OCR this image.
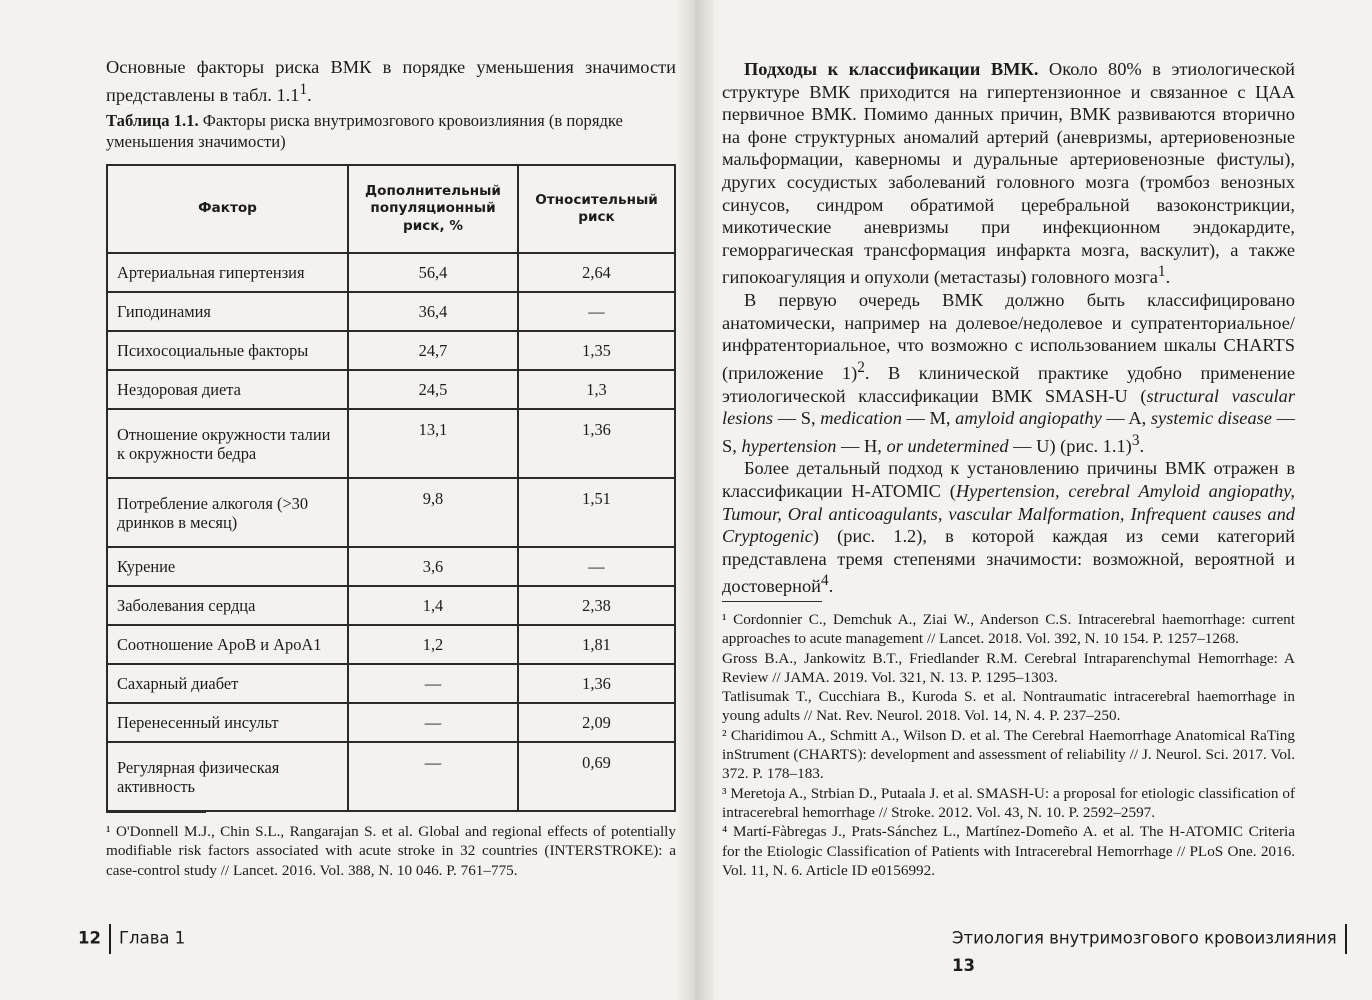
Основные факторы риска ВМК в порядке уменьшения значимости представлены в табл. $1.1^1$.

Таблица 1.1. Факторы риска внутримозгового кровоизлияния (в порядке уменьшения значимости)

Фактор	Дополнительный популяционный риск, %	Относительный риск
Артериальная гипертензия	56,4	2,64
Гиподинамия	36,4	—
Психосоциальные факторы	24,7	1,35
Нездоровая диета	24,5	1,3
Отношение окружности талии к окружности бедра	13,1	1,36
Потребление алкоголя (>30 дринков в месяц)	9,8	1,51
Курение	3,6	—
Заболевания сердца	1,4	2,38
Соотношение ApoB и ApoA1	1,2	1,81
Сахарный диабет	—	1,36
Перенесенный инсульт	—	2,09
Регулярная физическая активность	—	0,69

¹ O'Donnell M.J., Chin S.L., Rangarajan S. et al. Global and regional effects of potentially modifiable risk factors associated with acute stroke in 32 countries (INTERSTROKE): a case-control study // Lancet. 2016. Vol. 388, N. 10 046. P. 761–775.

12 Глава 1

Подходы к классификации ВМК. Около 80% в этиологической структуре ВМК приходится на гипертензионное и связанное с ЦАА первичное ВМК. Помимо данных причин, ВМК развиваются вторично на фоне структурных аномалий артерий (аневризмы, артериовенозные мальформации, каверномы и дуральные артериовенозные фистулы), других сосудистых заболеваний головного мозга (тромбоз венозных синусов, синдром обратимой церебральной вазоконстрикции, микотические аневризмы при инфекционном эндокардите, геморрагическая трансформация инфаркта мозга, васкулит), а также гипокоагуляция и опухоли (метастазы) головного мозга$^1$.

В первую очередь ВМК должно быть классифицировано анатомически, например на долевое/недолевое и супратенториальное/инфратенториальное, что возможно с использованием шкалы CHARTS (приложение 1)$^2$. В клинической практике удобно применение этиологической классификации ВМК SMASH-U (structural vascular lesions — S, medication — M, amyloid angiopathy — A, systemic disease — S, hypertension — H, or undetermined — U) (рис. 1.1)$^3$.

Более детальный подход к установлению причины ВМК отражен в классификации H-ATOMIC (Hypertension, cerebral Amyloid angiopathy, Tumour, Oral anticoagulants, vascular Malformation, Infrequent causes and Cryptogenic) (рис. 1.2), в которой каждая из семи категорий представлена тремя степенями значимости: возможной, вероятной и достоверной$^4$.

¹ Cordonnier C., Demchuk A., Ziai W., Anderson C.S. Intracerebral haemorrhage: current approaches to acute management // Lancet. 2018. Vol. 392, N. 10 154. P. 1257–1268.

Gross B.A., Jankowitz B.T., Friedlander R.M. Cerebral Intraparenchymal Hemorrhage: A Review // JAMA. 2019. Vol. 321, N. 13. P. 1295–1303.

Tatlisumak T., Cucchiara B., Kuroda S. et al. Nontraumatic intracerebral haemorrhage in young adults // Nat. Rev. Neurol. 2018. Vol. 14, N. 4. P. 237–250.

² Charidimou A., Schmitt A., Wilson D. et al. The Cerebral Haemorrhage Anatomical RaTing inStrument (CHARTS): development and assessment of reliability // J. Neurol. Sci. 2017. Vol. 372. P. 178–183.

³ Meretoja A., Strbian D., Putaala J. et al. SMASH-U: a proposal for etiologic classification of intracerebral hemorrhage // Stroke. 2012. Vol. 43, N. 10. P. 2592–2597.

⁴ Martí-Fàbregas J., Prats-Sánchez L., Martínez-Domeño A. et al. The H-ATOMIC Criteria for the Etiologic Classification of Patients with Intracerebral Hemorrhage // PLoS One. 2016. Vol. 11, N. 6. Article ID e0156992.

Этиология внутримозгового кровоизлияния13
